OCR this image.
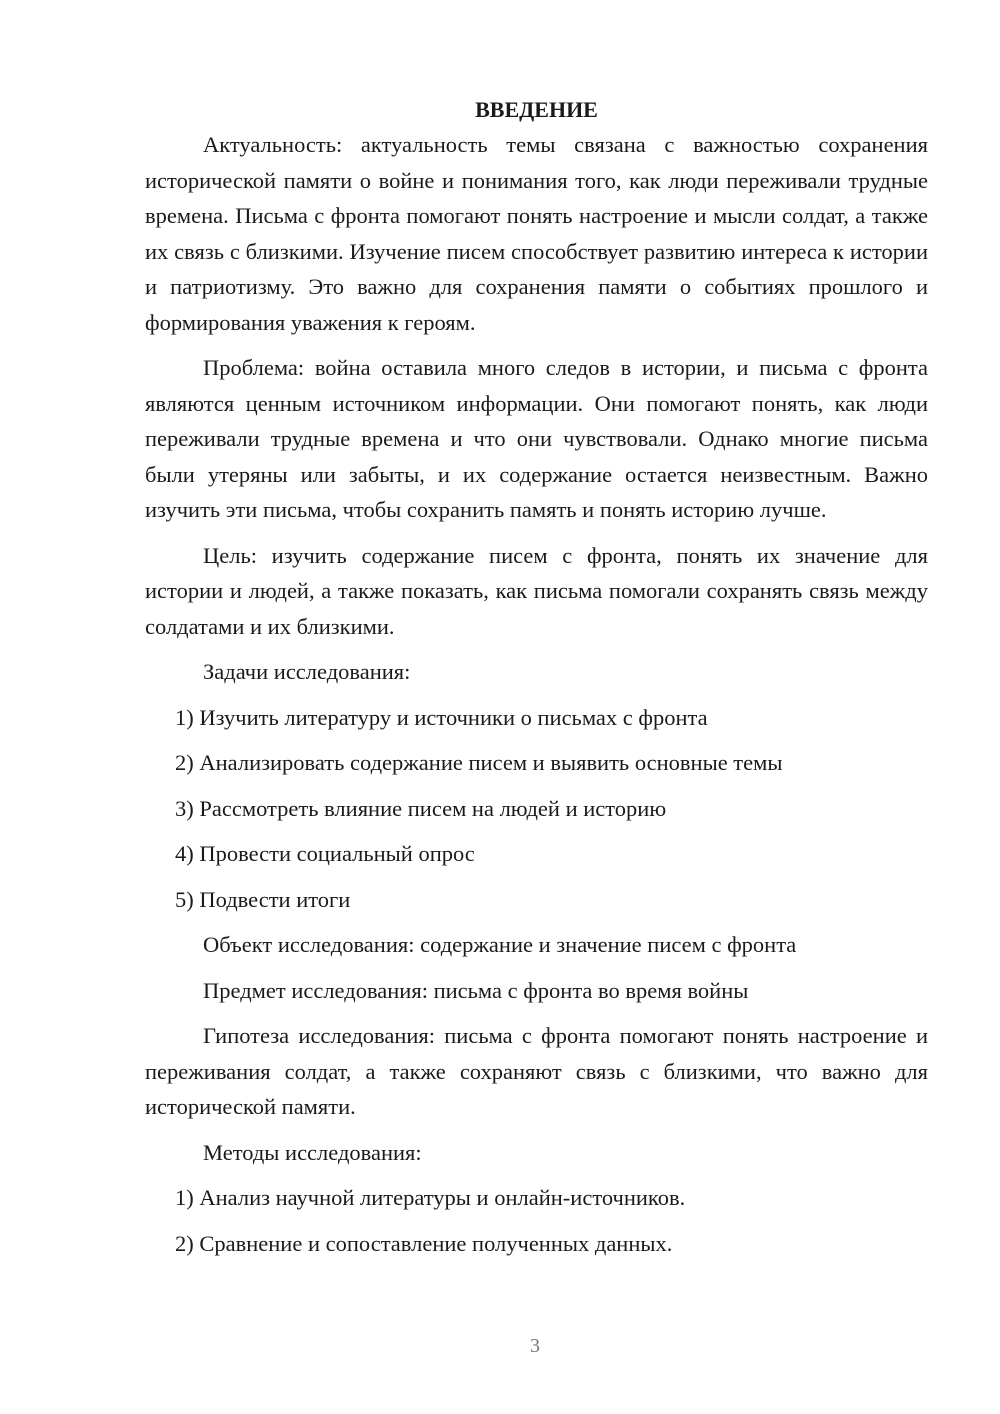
ВВЕДЕНИЕ

Актуальность: актуальность темы связана с важностью сохранения исторической памяти о войне и понимания того, как люди переживали трудные времена. Письма с фронта помогают понять настроение и мысли солдат, а также их связь с близкими. Изучение писем способствует развитию интереса к истории и патриотизму. Это важно для сохранения памяти о событиях прошлого и формирования уважения к героям.

Проблема: война оставила много следов в истории, и письма с фронта являются ценным источником информации. Они помогают понять, как люди переживали трудные времена и что они чувствовали. Однако многие письма были утеряны или забыты, и их содержание остается неизвестным. Важно изучить эти письма, чтобы сохранить память и понять историю лучше.

Цель: изучить содержание писем с фронта, понять их значение для истории и людей, а также показать, как письма помогали сохранять связь между солдатами и их близкими.

Задачи исследования:
1) Изучить литературу и источники о письмах с фронта
2) Анализировать содержание писем и выявить основные темы
3) Рассмотреть влияние писем на людей и историю
4) Провести социальный опрос
5) Подвести итоги
Объект исследования: содержание и значение писем с фронта
Предмет исследования: письма с фронта во время войны

Гипотеза исследования: письма с фронта помогают понять настроение и переживания солдат, а также сохраняют связь с близкими, что важно для исторической памяти.

Методы исследования:
1) Анализ научной литературы и онлайн-источников.
2) Сравнение и сопоставление полученных данных.
3
